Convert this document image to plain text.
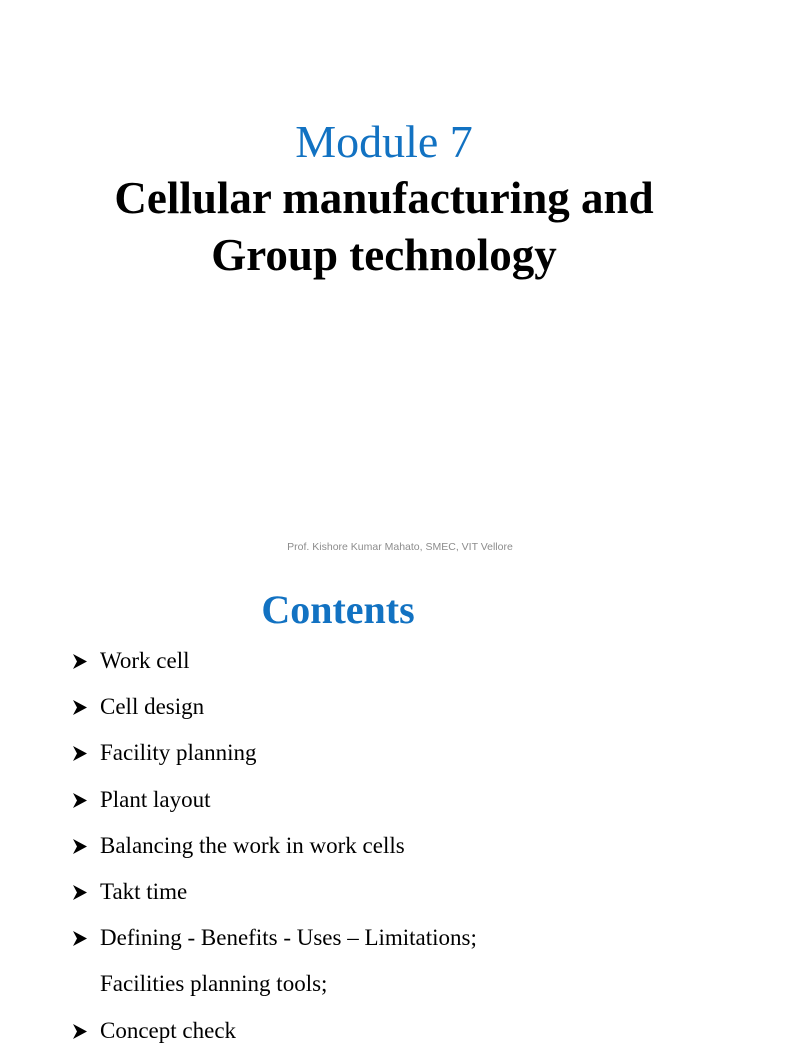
Module 7
Cellular manufacturing and
Group technology
Prof. Kishore Kumar Mahato, SMEC, VIT Vellore
Contents
Work cell
Cell design
Facility planning
Plant layout
Balancing the work in work cells
Takt time
Defining - Benefits - Uses – Limitations;
Facilities planning tools;
Concept check
